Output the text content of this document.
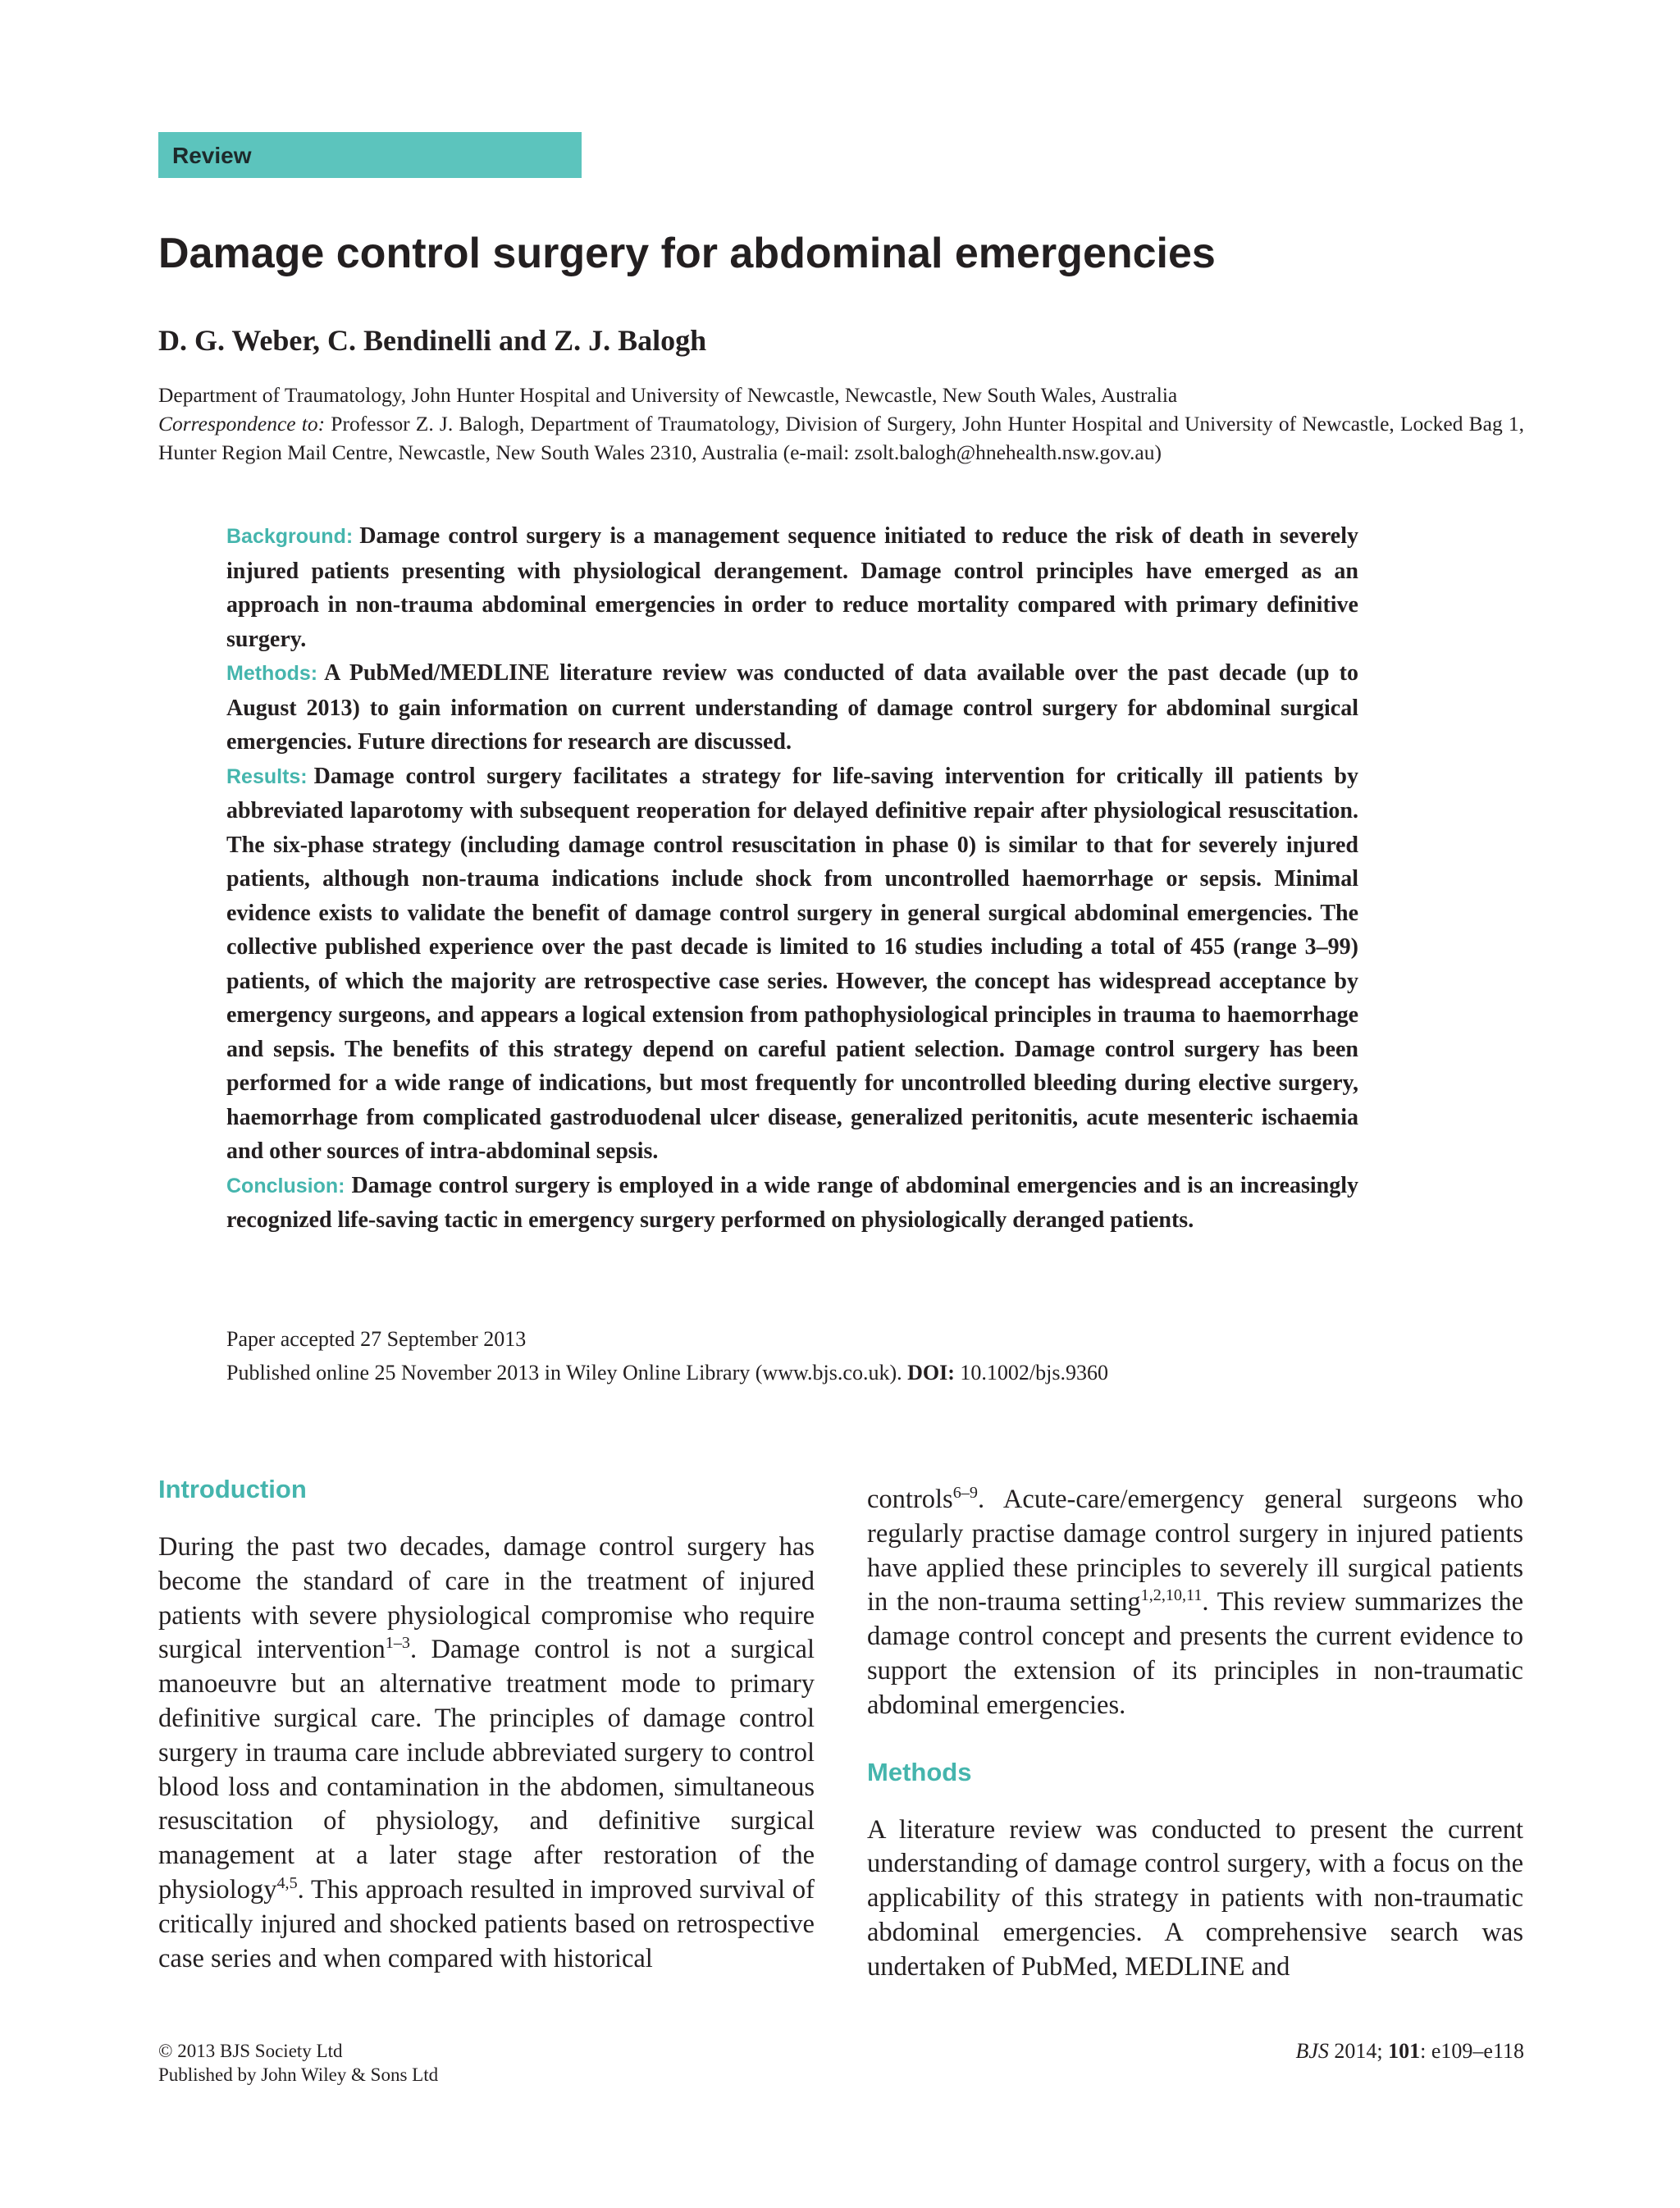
Review
Damage control surgery for abdominal emergencies
D. G. Weber, C. Bendinelli and Z. J. Balogh

Department of Traumatology, John Hunter Hospital and University of Newcastle, Newcastle, New South Wales, Australia

Correspondence to: Professor Z. J. Balogh, Department of Traumatology, Division of Surgery, John Hunter Hospital and University of Newcastle, Locked Bag 1, Hunter Region Mail Centre, Newcastle, New South Wales 2310, Australia (e-mail: zsolt.balogh@hnehealth.nsw.gov.au)

Background: Damage control surgery is a management sequence initiated to reduce the risk of death in severely injured patients presenting with physiological derangement. Damage control principles have emerged as an approach in non-trauma abdominal emergencies in order to reduce mortality compared with primary definitive surgery.

Methods: A PubMed/MEDLINE literature review was conducted of data available over the past decade (up to August 2013) to gain information on current understanding of damage control surgery for abdominal surgical emergencies. Future directions for research are discussed.

Results: Damage control surgery facilitates a strategy for life-saving intervention for critically ill patients by abbreviated laparotomy with subsequent reoperation for delayed definitive repair after physiological resuscitation. The six-phase strategy (including damage control resuscitation in phase 0) is similar to that for severely injured patients, although non-trauma indications include shock from uncontrolled haemorrhage or sepsis. Minimal evidence exists to validate the benefit of damage control surgery in general surgical abdominal emergencies. The collective published experience over the past decade is limited to 16 studies including a total of 455 (range 3–99) patients, of which the majority are retrospective case series. However, the concept has widespread acceptance by emergency surgeons, and appears a logical extension from pathophysiological principles in trauma to haemorrhage and sepsis. The benefits of this strategy depend on careful patient selection. Damage control surgery has been performed for a wide range of indications, but most frequently for uncontrolled bleeding during elective surgery, haemorrhage from complicated gastroduodenal ulcer disease, generalized peritonitis, acute mesenteric ischaemia and other sources of intra-abdominal sepsis.

Conclusion: Damage control surgery is employed in a wide range of abdominal emergencies and is an increasingly recognized life-saving tactic in emergency surgery performed on physiologically deranged patients.

Paper accepted 27 September 2013

Published online 25 November 2013 in Wiley Online Library (www.bjs.co.uk). DOI: 10.1002/bjs.9360

Introduction

During the past two decades, damage control surgery has become the standard of care in the treatment of injured patients with severe physiological compromise who require surgical intervention$^{1-3}$. Damage control is not a surgical manoeuvre but an alternative treatment mode to primary definitive surgical care. The principles of damage control surgery in trauma care include abbreviated surgery to control blood loss and contamination in the abdomen, simultaneous resuscitation of physiology, and definitive surgical management at a later stage after restoration of the physiology$^{4,5}$. This approach resulted in improved survival of critically injured and shocked patients based on retrospective case series and when compared with historical

controls$^{6-9}$. Acute-care/emergency general surgeons who regularly practise damage control surgery in injured patients have applied these principles to severely ill surgical patients in the non-trauma setting$^{1,2,10,11}$. This review summarizes the damage control concept and presents the current evidence to support the extension of its principles in non-traumatic abdominal emergencies.

Methods

A literature review was conducted to present the current understanding of damage control surgery, with a focus on the applicability of this strategy in patients with non-traumatic abdominal emergencies. A comprehensive search was undertaken of PubMed, MEDLINE and

© 2013 BJS Society Ltd

Published by John Wiley & Sons Ltd

BJS 2014; 101: e109–e118
